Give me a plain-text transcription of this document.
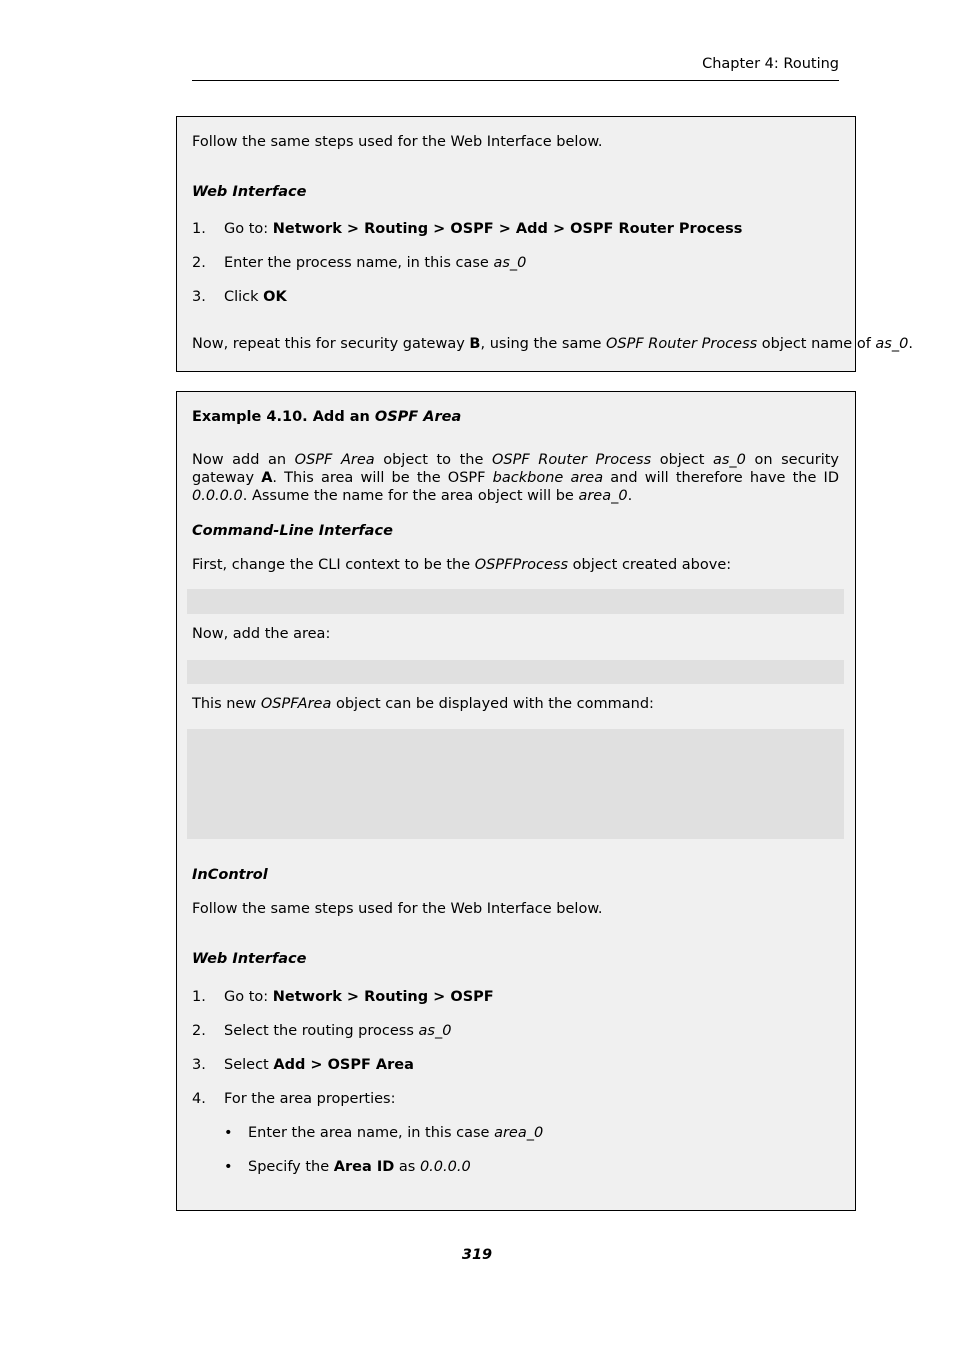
Chapter 4: Routing
Follow the same steps used for the Web Interface below.
Web Interface
1. Go to: Network > Routing > OSPF > Add > OSPF Router Process
2. Enter the process name, in this case as_0
3. Click OK
Now, repeat this for security gateway B, using the same OSPF Router Process object name of as_0.
Example 4.10. Add an OSPF Area
Now add an OSPF Area object to the OSPF Router Process object as_0 on security gateway A. This area will be the OSPF backbone area and will therefore have the ID 0.0.0.0. Assume the name for the area object will be area_0.
Command-Line Interface
First, change the CLI context to be the OSPFProcess object created above:
Now, add the area:
This new OSPFArea object can be displayed with the command:
InControl
Follow the same steps used for the Web Interface below.
Web Interface
1. Go to: Network > Routing > OSPF
2. Select the routing process as_0
3. Select Add > OSPF Area
4. For the area properties:
• Enter the area name, in this case area_0
• Specify the Area ID as 0.0.0.0
319
